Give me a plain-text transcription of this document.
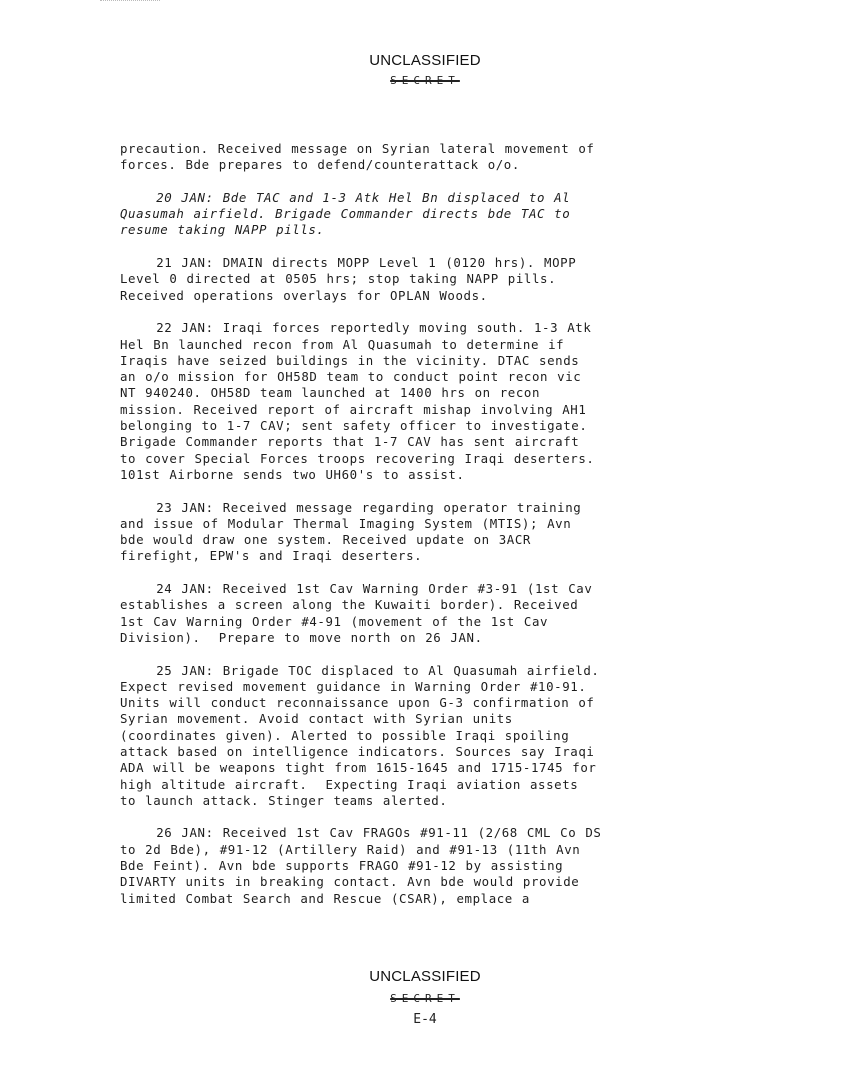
UNCLASSIFIED
SECRET

precaution. Received message on Syrian lateral movement of
forces. Bde prepares to defend/counterattack o/o.

20 JAN: Bde TAC and 1-3 Atk Hel Bn displaced to Al
Quasumah airfield. Brigade Commander directs bde TAC to
resume taking NAPP pills.

21 JAN: DMAIN directs MOPP Level 1 (0120 hrs). MOPP
Level 0 directed at 0505 hrs; stop taking NAPP pills.
Received operations overlays for OPLAN Woods.

22 JAN: Iraqi forces reportedly moving south. 1-3 Atk
Hel Bn launched recon from Al Quasumah to determine if
Iraqis have seized buildings in the vicinity. DTAC sends
an o/o mission for OH58D team to conduct point recon vic
NT 940240. OH58D team launched at 1400 hrs on recon
mission. Received report of aircraft mishap involving AH1
belonging to 1-7 CAV; sent safety officer to investigate.
Brigade Commander reports that 1-7 CAV has sent aircraft
to cover Special Forces troops recovering Iraqi deserters.
101st Airborne sends two UH60's to assist.

23 JAN: Received message regarding operator training
and issue of Modular Thermal Imaging System (MTIS); Avn
bde would draw one system. Received update on 3ACR
firefight, EPW's and Iraqi deserters.

24 JAN: Received 1st Cav Warning Order #3-91 (1st Cav
establishes a screen along the Kuwaiti border). Received
1st Cav Warning Order #4-91 (movement of the 1st Cav
Division).  Prepare to move north on 26 JAN.

25 JAN: Brigade TOC displaced to Al Quasumah airfield.
Expect revised movement guidance in Warning Order #10-91.
Units will conduct reconnaissance upon G-3 confirmation of
Syrian movement. Avoid contact with Syrian units
(coordinates given). Alerted to possible Iraqi spoiling
attack based on intelligence indicators. Sources say Iraqi
ADA will be weapons tight from 1615-1645 and 1715-1745 for
high altitude aircraft.  Expecting Iraqi aviation assets
to launch attack. Stinger teams alerted.

26 JAN: Received 1st Cav FRAGOs #91-11 (2/68 CML Co DS
to 2d Bde), #91-12 (Artillery Raid) and #91-13 (11th Avn
Bde Feint). Avn bde supports FRAGO #91-12 by assisting
DIVARTY units in breaking contact. Avn bde would provide
limited Combat Search and Rescue (CSAR), emplace a

UNCLASSIFIED
SECRET
E-4
